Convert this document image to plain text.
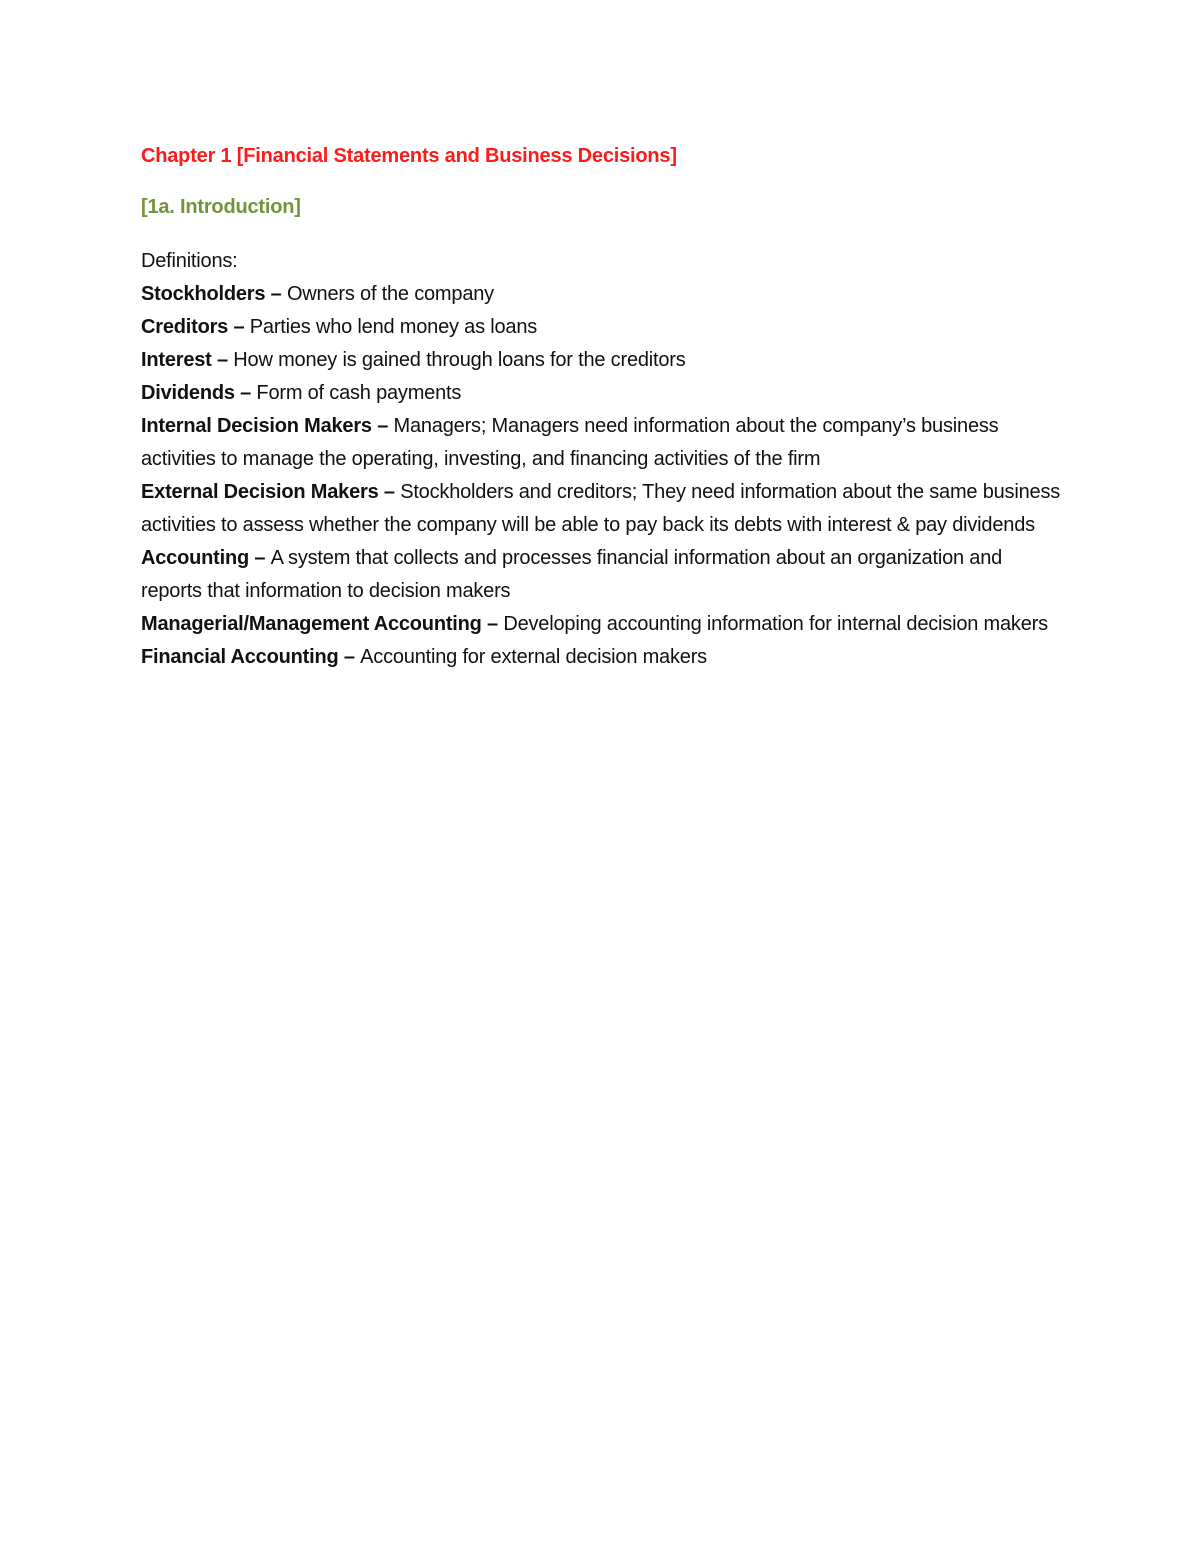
Chapter 1 [Financial Statements and Business Decisions]
[1a. Introduction]

Definitions:

Stockholders – Owners of the company
Creditors – Parties who lend money as loans
Interest – How money is gained through loans for the creditors
Dividends – Form of cash payments
Internal Decision Makers – Managers; Managers need information about the company’s business activities to manage the operating, investing, and financing activities of the firm
External Decision Makers – Stockholders and creditors; They need information about the same business activities to assess whether the company will be able to pay back its debts with interest & pay dividends
Accounting – A system that collects and processes financial information about an organization and reports that information to decision makers
Managerial/Management Accounting – Developing accounting information for internal decision makers
Financial Accounting – Accounting for external decision makers
